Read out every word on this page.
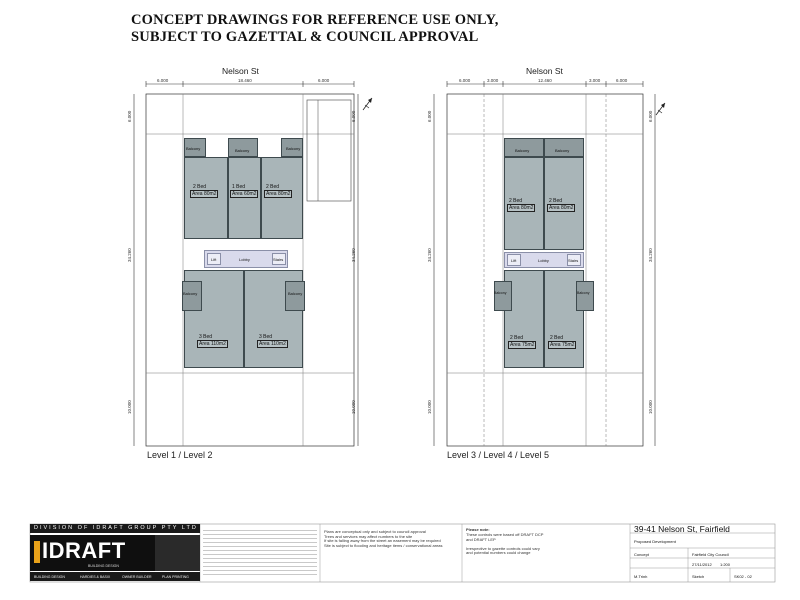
CONCEPT DRAWINGS FOR REFERENCE USE ONLY,
SUBJECT TO GAZETTAL & COUNCIL APPROVAL
Nelson St
6.000	18.460	6.000
6.000
34.260
10.000
6.000
34.260
10.000
Balcony	Balcony	Balcony
2 Bed
Area 80m2
1 Bed
Area 60m2
2 Bed
Area 80m2
Lift	Lobby	Stairs
Balcony	Balcony
3 Bed
Area 110m2
3 Bed
Area 110m2
Level 1 / Level 2
Nelson St
6.000	3.000	12.460	3.000	6.000
6.000
34.260
10.000
6.000
34.260
10.000
Balcony	Balcony
2 Bed
Area 80m2
2 Bed
Area 80m2
Lift	Lobby	Stairs
Balcony	Balcony
2 Bed
Area 75m2
2 Bed
Area 75m2
Level 3 / Level 4 / Level 5
DIVISION OF IDRAFT GROUP PTY LTD
IDRAFT
BUILDING DESIGN
BUILDING DESIGN	HARDIES & BASIX	OWNER BUILDER	PLAN PRINTING
Plans are conceptual only and subject to council approval
Trees and services may affect numbers to the site
If site is falling away from the street an easement may be required
Site is subject to flooding and heritage items / conservational areas
Please note:
These controls were based off DRAFT DCP
and DRAFT LEP

Irrespective to gazette controls could vary
and potential numbers could change
39-41 Nelson St, Fairfield
Proposed Development
Concept	Fairfield City Council
27/11/2012 1:200
M.Trinh	Sketch	SK02 - 02
